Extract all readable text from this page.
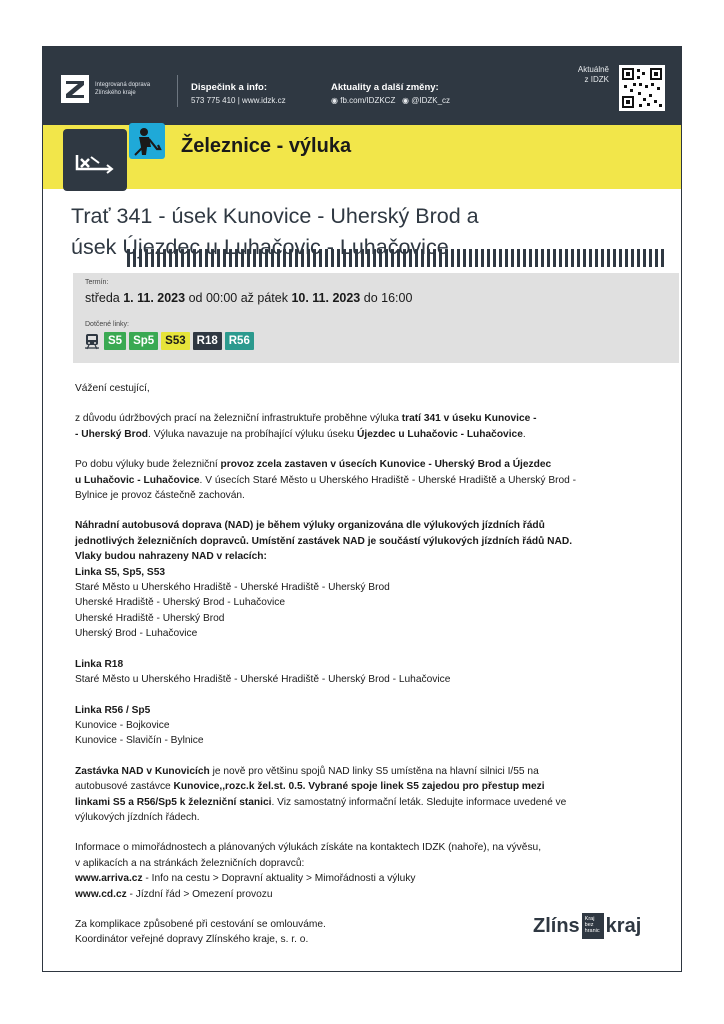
Integrovaná doprava
Zlínského kraje	Dispečink a info:
573 775 410 | www.idzk.cz
Aktuality a další změny:
◉ fb.com/IDZKCZ ◉ @IDZK_cz
Aktuálně
z IDZK
Železnice - výluka
Trať 341 - úsek Kunovice - Uherský Brod a
úsek Újezdec u Luhačovic - Luhačovice
Termín:
středa 1. 11. 2023 od 00:00 až pátek 10. 11. 2023 do 16:00
Dotčené linky:
S5 Sp5 S53 R18 R56

Vážení cestující,

z důvodu údržbových prací na železniční infrastruktuře proběhne výluka tratí 341 v úseku Kunovice -
- Uherský Brod. Výluka navazuje na probíhající výluku úseku Újezdec u Luhačovic - Luhačovice.

Po dobu výluky bude železniční provoz zcela zastaven v úsecích Kunovice - Uherský Brod a Újezdec
u Luhačovic - Luhačovice. V úsecích Staré Město u Uherského Hradiště - Uherské Hradiště a Uherský Brod -
Bylnice je provoz částečně zachován.

Náhradní autobusová doprava (NAD) je během výluky organizována dle výlukových jízdních řádů
jednotlivých železničních dopravců. Umístění zastávek NAD je součástí výlukových jízdních řádů NAD.
Vlaky budou nahrazeny NAD v relacích:
Linka S5, Sp5, S53
Staré Město u Uherského Hradiště - Uherské Hradiště - Uherský Brod
Uherské Hradiště - Uherský Brod - Luhačovice
Uherské Hradiště - Uherský Brod
Uherský Brod - Luhačovice

Linka R18
Staré Město u Uherského Hradiště - Uherské Hradiště - Uherský Brod - Luhačovice

Linka R56 / Sp5
Kunovice - Bojkovice
Kunovice - Slavičín - Bylnice

Zastávka NAD v Kunovicích je nově pro většinu spojů NAD linky S5 umístěna na hlavní silnici I/55 na
autobusové zastávce Kunovice,,rozc.k žel.st. 0.5. Vybrané spoje linek S5 zajedou pro přestup mezi
linkami S5 a R56/Sp5 k železniční stanici. Viz samostatný informační leták. Sledujte informace uvedené ve
výlukových jízdních řádech.

Informace o mimořádnostech a plánovaných výlukách získáte na kontaktech IDZK (nahoře), na vývěsu,
v aplikacích a na stránkách železničních dopravců:
www.arriva.cz - Info na cestu > Dopravní aktuality > Mimořádnosti a výluky
www.cd.cz - Jízdní řád > Omezení provozu

Za komplikace způsobené při cestování se omlouváme.
Koordinátor veřejné dopravy Zlínského kraje, s. r. o.

Zlíns Kraj bez
hranic kraj
